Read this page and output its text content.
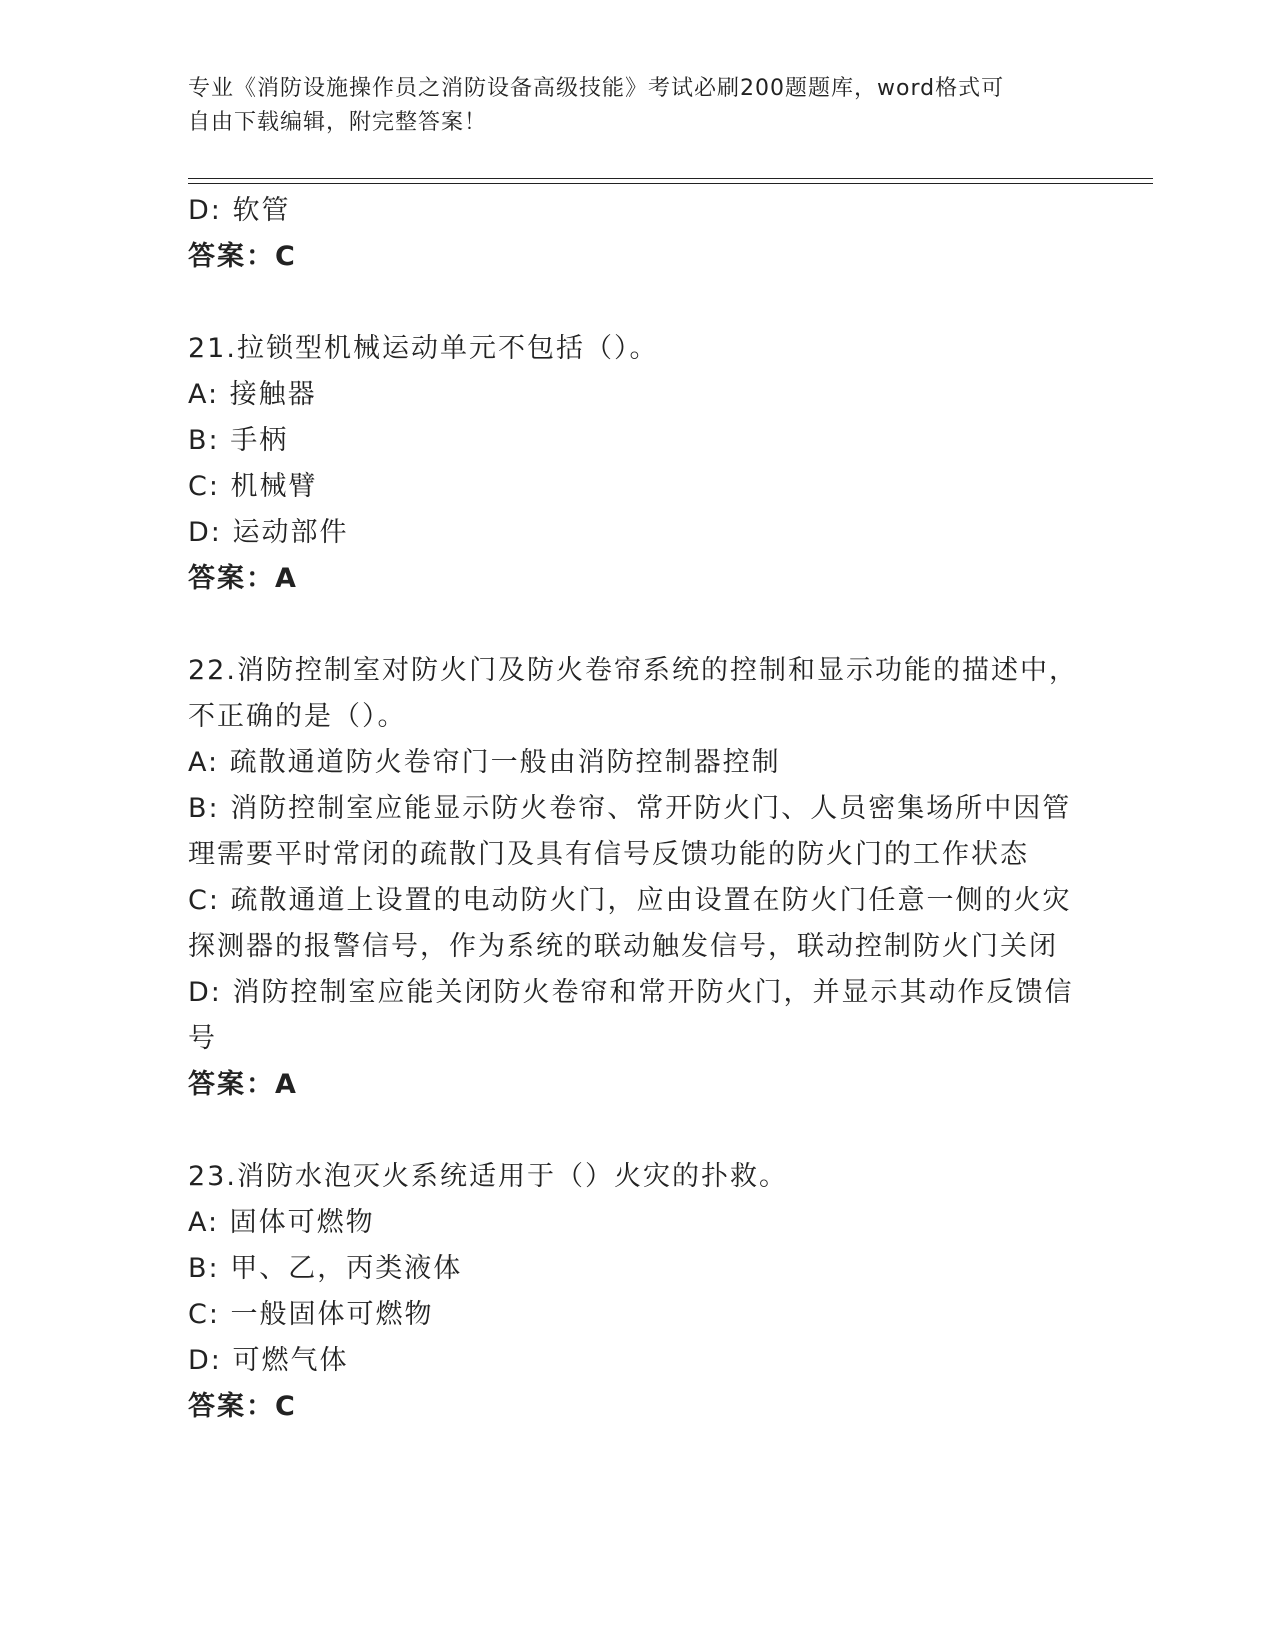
专业《消防设施操作员之消防设备高级技能》考试必刷200题题库，word格式可
自由下载编辑，附完整答案！
D: 软管
答案：C
21.拉锁型机械运动单元不包括（）。
A: 接触器
B: 手柄
C: 机械臂
D: 运动部件
答案：A
22.消防控制室对防火门及防火卷帘系统的控制和显示功能的描述中，
不正确的是（）。
A: 疏散通道防火卷帘门一般由消防控制器控制
B: 消防控制室应能显示防火卷帘、常开防火门、人员密集场所中因管
理需要平时常闭的疏散门及具有信号反馈功能的防火门的工作状态
C: 疏散通道上设置的电动防火门，应由设置在防火门任意一侧的火灾
探测器的报警信号，作为系统的联动触发信号，联动控制防火门关闭
D: 消防控制室应能关闭防火卷帘和常开防火门，并显示其动作反馈信
号
答案：A
23.消防水泡灭火系统适用于（）火灾的扑救。
A: 固体可燃物
B: 甲、乙，丙类液体
C: 一般固体可燃物
D: 可燃气体
答案：C
